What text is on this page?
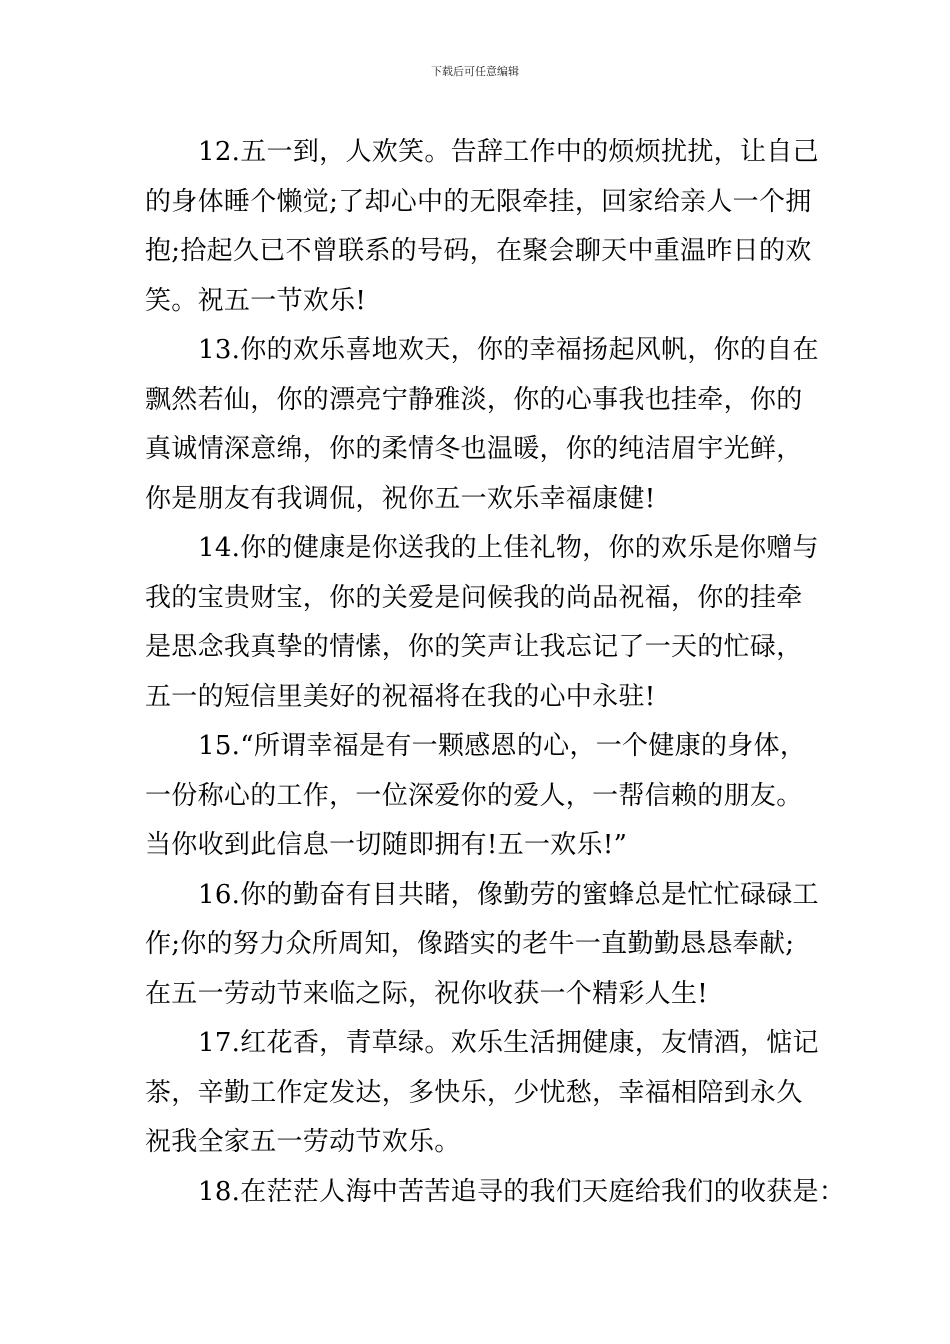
下载后可任意编辑
12.五一到，人欢笑。告辞工作中的烦烦扰扰，让自己
的身体睡个懒觉;了却心中的无限牵挂，回家给亲人一个拥
抱;拾起久已不曾联系的号码，在聚会聊天中重温昨日的欢
笑。祝五一节欢乐!
13.你的欢乐喜地欢天，你的幸福扬起风帆，你的自在
飘然若仙，你的漂亮宁静雅淡，你的心事我也挂牵，你的
真诚情深意绵，你的柔情冬也温暖，你的纯洁眉宇光鲜，
你是朋友有我调侃，祝你五一欢乐幸福康健!
14.你的健康是你送我的上佳礼物，你的欢乐是你赠与
我的宝贵财宝，你的关爱是问候我的尚品祝福，你的挂牵
是思念我真挚的情愫，你的笑声让我忘记了一天的忙碌，
五一的短信里美好的祝福将在我的心中永驻!
15.“所谓幸福是有一颗感恩的心，一个健康的身体，
一份称心的工作，一位深爱你的爱人，一帮信赖的朋友。
当你收到此信息一切随即拥有!五一欢乐!”
16.你的勤奋有目共睹，像勤劳的蜜蜂总是忙忙碌碌工
作;你的努力众所周知，像踏实的老牛一直勤勤恳恳奉献;
在五一劳动节来临之际，祝你收获一个精彩人生!
17.红花香，青草绿。欢乐生活拥健康，友情酒，惦记
茶，辛勤工作定发达，多快乐，少忧愁，幸福相陪到永久
祝我全家五一劳动节欢乐。
18.在茫茫人海中苦苦追寻的我们天庭给我们的收获是：
